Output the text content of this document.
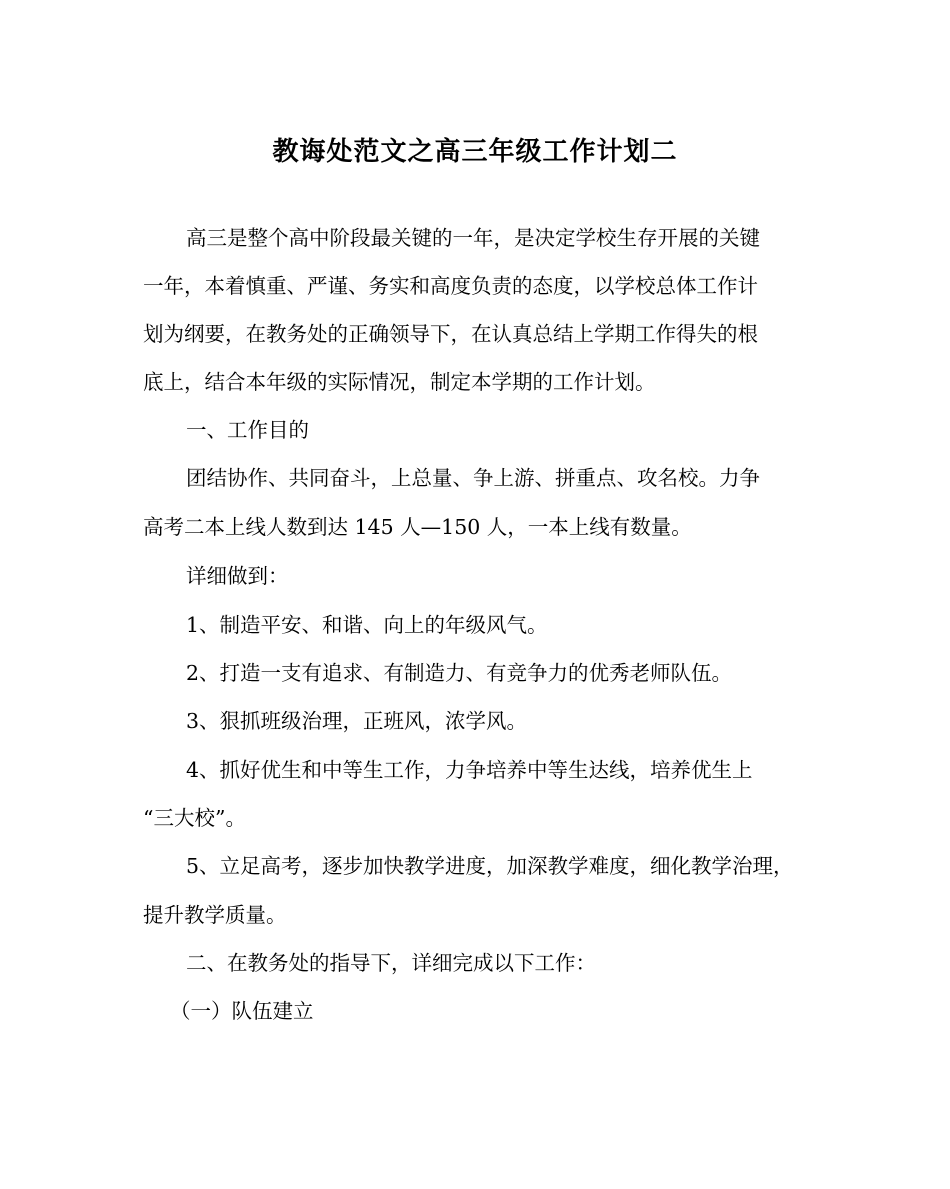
教诲处范文之高三年级工作计划二
高三是整个高中阶段最关键的一年，是决定学校生存开展的关键
一年，本着慎重、严谨、务实和高度负责的态度，以学校总体工作计
划为纲要，在教务处的正确领导下，在认真总结上学期工作得失的根
底上，结合本年级的实际情况，制定本学期的工作计划。
一、工作目的
团结协作、共同奋斗，上总量、争上游、拼重点、攻名校。力争
高考二本上线人数到达 145 人—150 人，一本上线有数量。
详细做到：
1、制造平安、和谐、向上的年级风气。
2、打造一支有追求、有制造力、有竞争力的优秀老师队伍。
3、狠抓班级治理，正班风，浓学风。
4、抓好优生和中等生工作，力争培养中等生达线，培养优生上
“三大校”。
5、立足高考，逐步加快教学进度，加深教学难度，细化教学治理，
提升教学质量。
二、在教务处的指导下，详细完成以下工作：
（一）队伍建立
